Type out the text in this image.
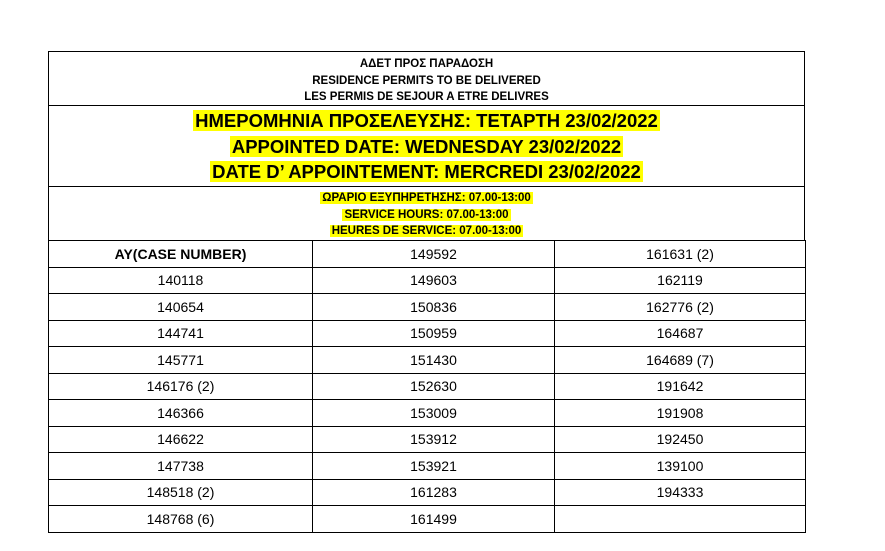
ΑΔΕΤ ΠΡΟΣ ΠΑΡΑΔΟΣΗ
RESIDENCE PERMITS TO BE DELIVERED
LES PERMIS DE SEJOUR A ETRE DELIVRES
ΗΜΕΡΟΜΗΝΙΑ ΠΡΟΣΕΛΕΥΣΗΣ: ΤΕΤΑΡΤΗ 23/02/2022
APPOINTED DATE: WEDNESDAY 23/02/2022
DATE D’ APPOINTEMENT: MERCREDI 23/02/2022
ΩΡΑΡΙΟ ΕΞΥΠΗΡΕΤΗΣΗΣ: 07.00-13:00
SERVICE HOURS: 07.00-13:00
HEURES DE SERVICE: 07.00-13:00
ΑΥ(CASE NUMBER)	149592	161631 (2)
140118	149603	162119
140654	150836	162776 (2)
144741	150959	164687
145771	151430	164689 (7)
146176 (2)	152630	191642
146366	153009	191908
146622	153912	192450
147738	153921	139100
148518 (2)	161283	194333
148768 (6)	161499	
